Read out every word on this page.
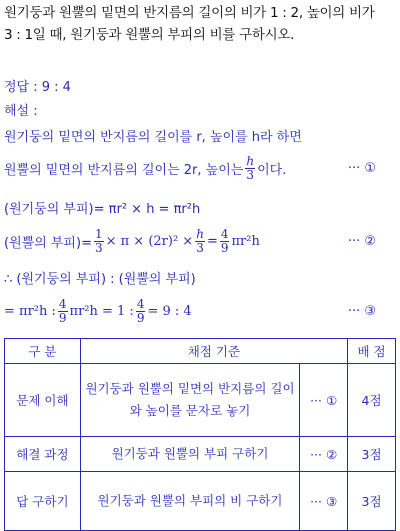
원기둥과 원뿔의 밑면의 반지름의 길이의 비가 1 : 2, 높이의 비가
3 : 1일 때, 원기둥과 원뿔의 부피의 비를 구하시오.
정답 : 9 : 4
해설 :
원기둥의 밑면의 반지름의 길이를 r, 높이를 h라 하면
원뿔의 밑면의 반지름의 길이는 2r, 높이는 $\frac{h}{3}$ 이다.	··· ①
(원기둥의 부피)= πr² × h = πr²h
(원뿔의 부피)= $\frac{1}{3} \times \pi \times (2r)^2 \times \frac{h}{3} = \frac{4}{9} \pi r^2h$	··· ②
∴ (원기둥의 부피) : (원뿔의 부피)
= πr²h : $\frac{4}{9} \pi r^2h = 1$ : $\frac{4}{9} = 9$ : 4	··· ③
구 분	채점 기준		배 점
문제 이해	원기둥과 원뿔의 밑면의 반지름의 길이와 높이를 문자로 놓기	··· ①	4점
해결 과정	원기둥과 원뿔의 부피 구하기	··· ②	3점
답 구하기	원기둥과 원뿔의 부피의 비 구하기	··· ③	3점
